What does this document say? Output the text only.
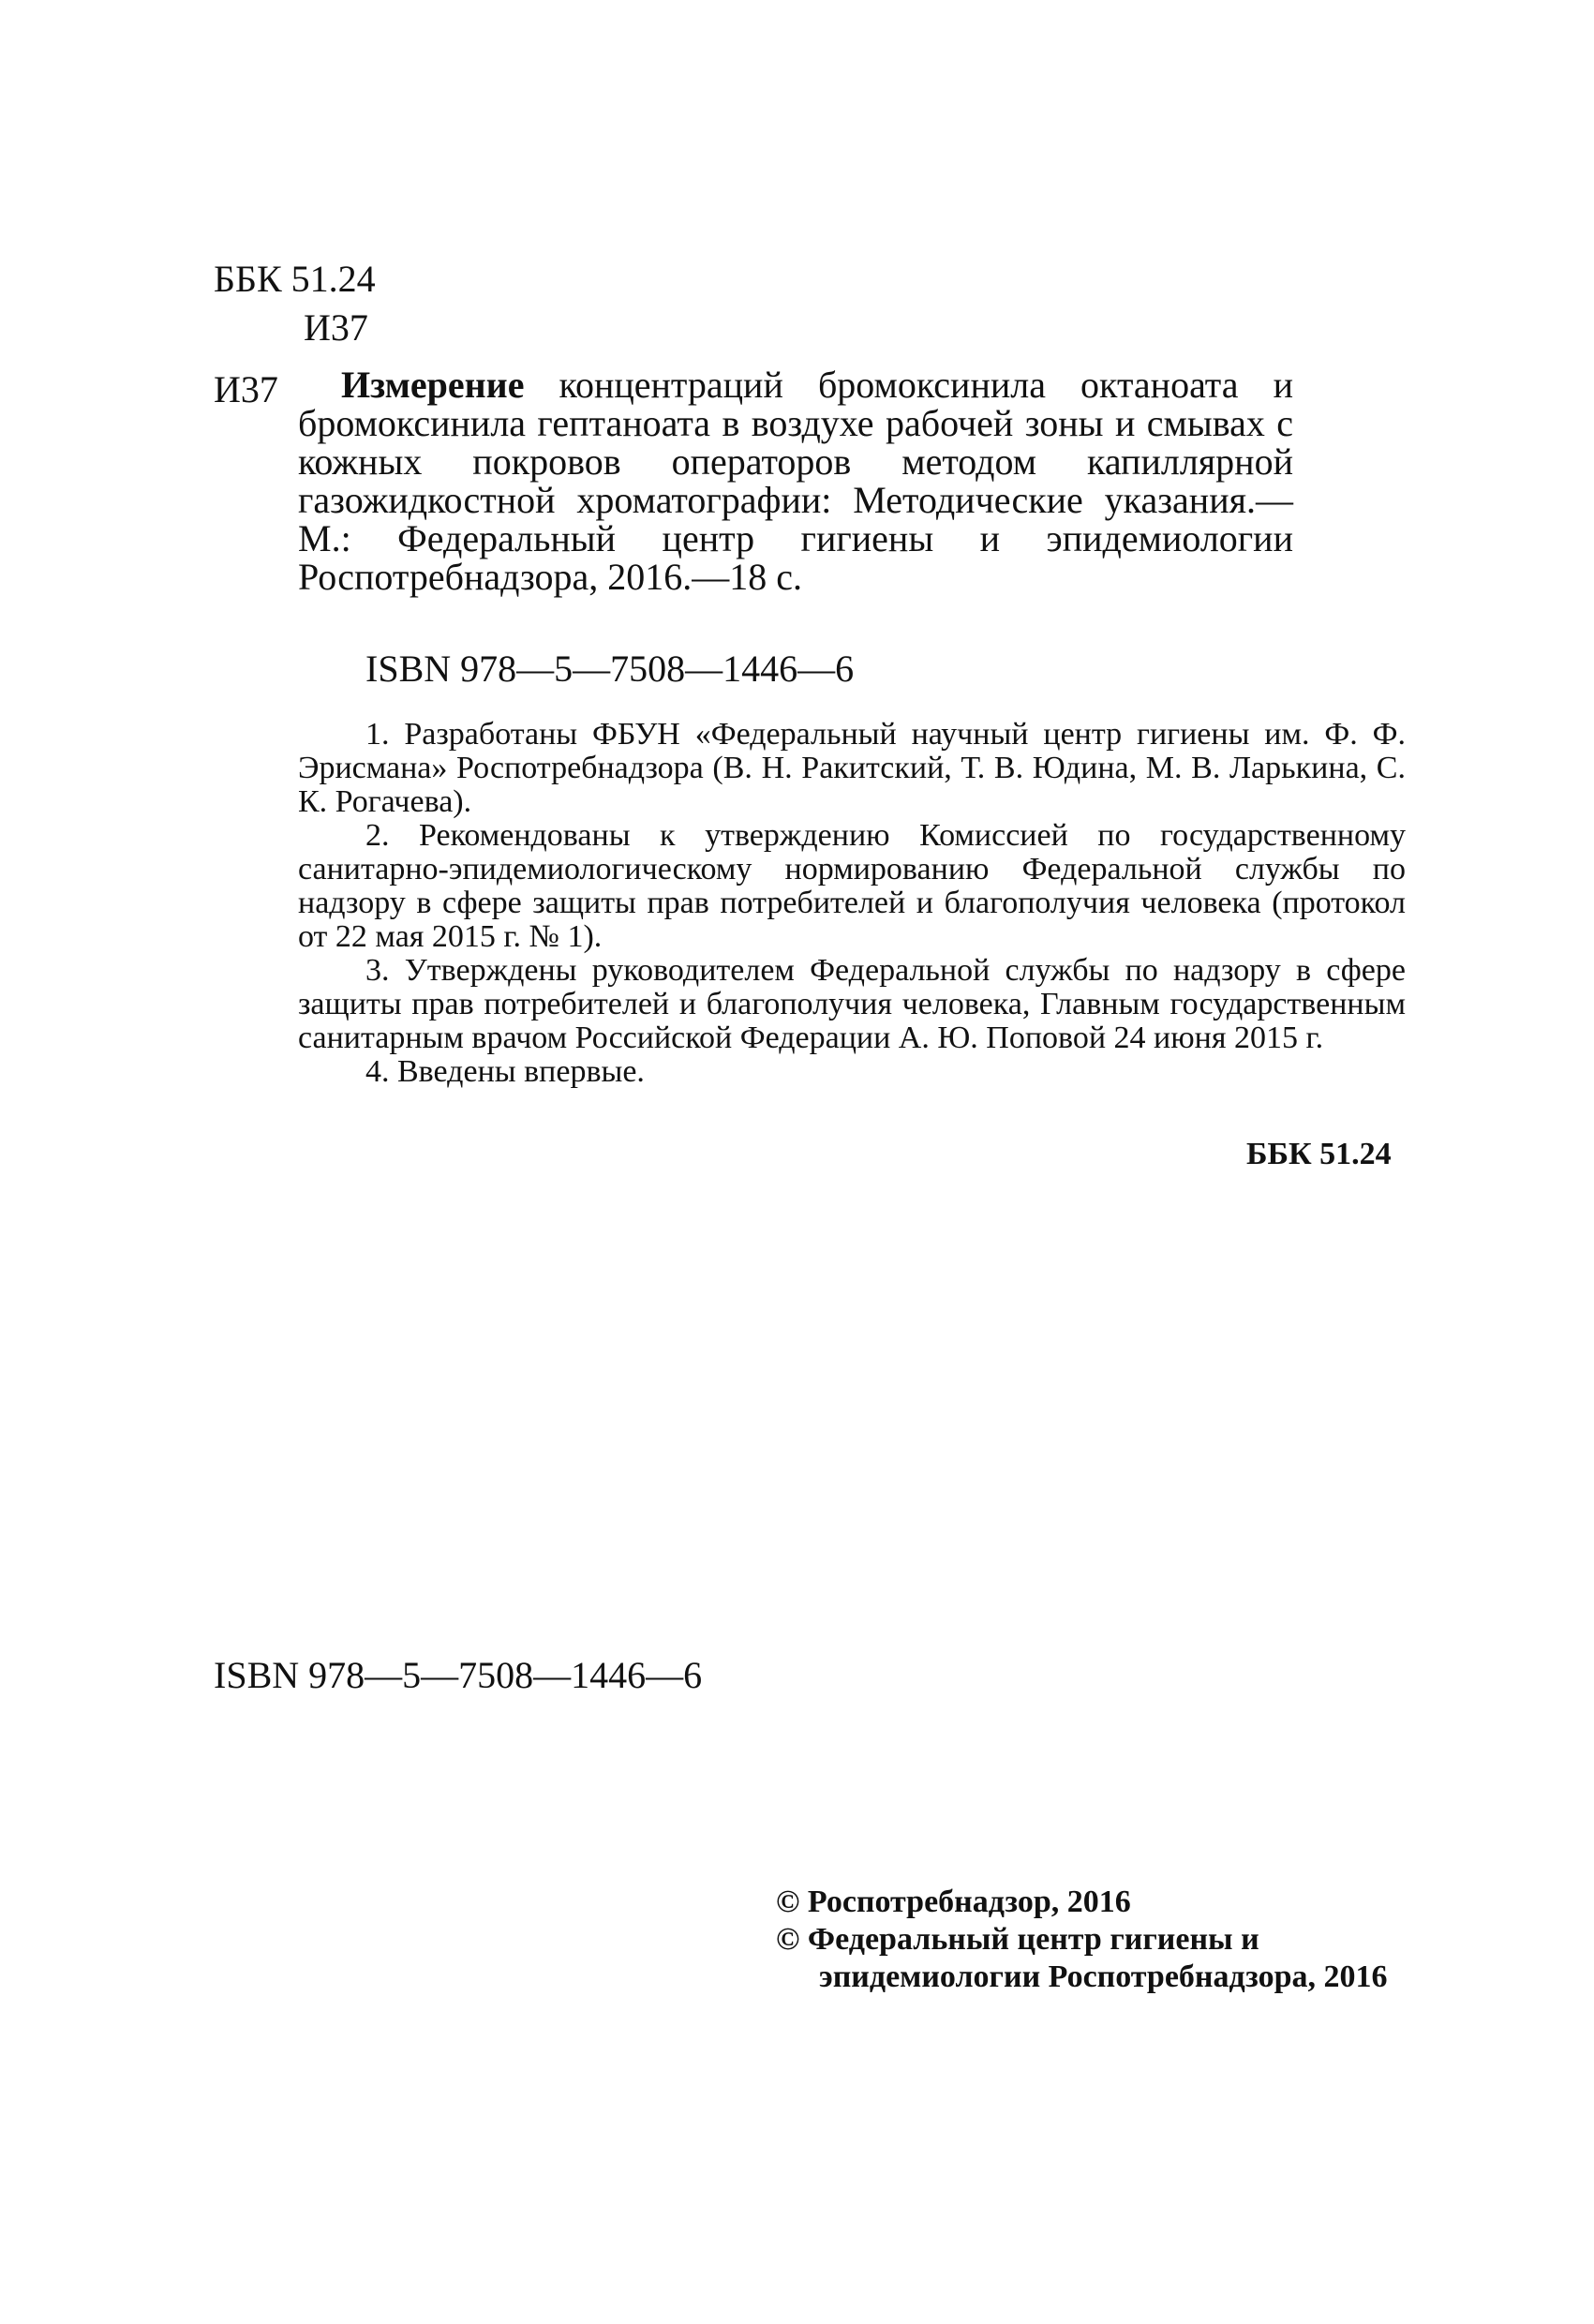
ББК 51.24
И37
И37	Измерение концентраций бромоксинила октаноата и бромоксинила гептаноата в воздухе рабочей зоны и смывах с кожных покровов операторов методом капиллярной газожидкостной хроматографии: Методические указания.—М.: Федеральный центр гигиены и эпидемиологии Роспотребнадзора, 2016.—18 с.
ISBN 978—5—7508—1446—6

1. Разработаны ФБУН «Федеральный научный центр гигиены им. Ф. Ф. Эрисмана» Роспотребнадзора (В. Н. Ракитский, Т. В. Юдина, М. В. Ларькина, С. К. Рогачева).

2. Рекомендованы к утверждению Комиссией по государственному санитарно-эпидемиологическому нормированию Федеральной службы по надзору в сфере защиты прав потребителей и благополучия человека (протокол от 22 мая 2015 г. № 1).

3. Утверждены руководителем Федеральной службы по надзору в сфере защиты прав потребителей и благополучия человека, Главным государственным санитарным врачом Российской Федерации А. Ю. Поповой 24 июня 2015 г.

4. Введены впервые.

ББК 51.24
ISBN 978—5—7508—1446—6
© Роспотребнадзор, 2016
© Федеральный центр гигиены и
эпидемиологии Роспотребнадзора, 2016
